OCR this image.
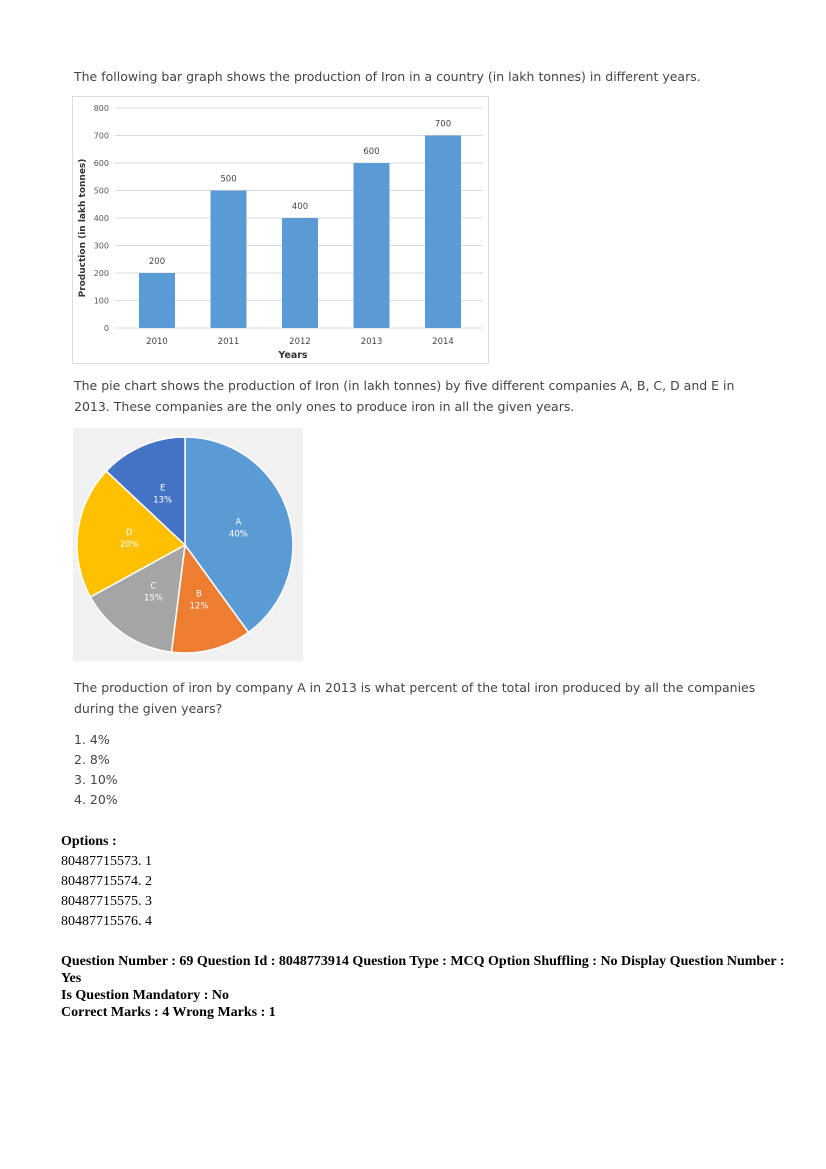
The following bar graph shows the production of Iron in a country (in lakh tonnes) in different years.
0
100
200
300
400
500
600
700
800
200
2010
500
2011
400
2012
600
2013
700
2014
Years
Production (in lakh tonnes)
The pie chart shows the production of Iron (in lakh tonnes) by five different companies A, B, C, D and E in 2013. These companies are the only ones to produce iron in all the given years.
A
40%
B
12%
C
15%
D
20%
E
13%
The production of iron by company A in 2013 is what percent of the total iron produced by all the companies during the given years?
1. 4%
2. 8%
3. 10%
4. 20%
Options :
80487715573. 1
80487715574. 2
80487715575. 3
80487715576. 4
Question Number : 69 Question Id : 8048773914 Question Type : MCQ Option Shuffling : No Display Question Number : Yes
Is Question Mandatory : No
Correct Marks : 4 Wrong Marks : 1
